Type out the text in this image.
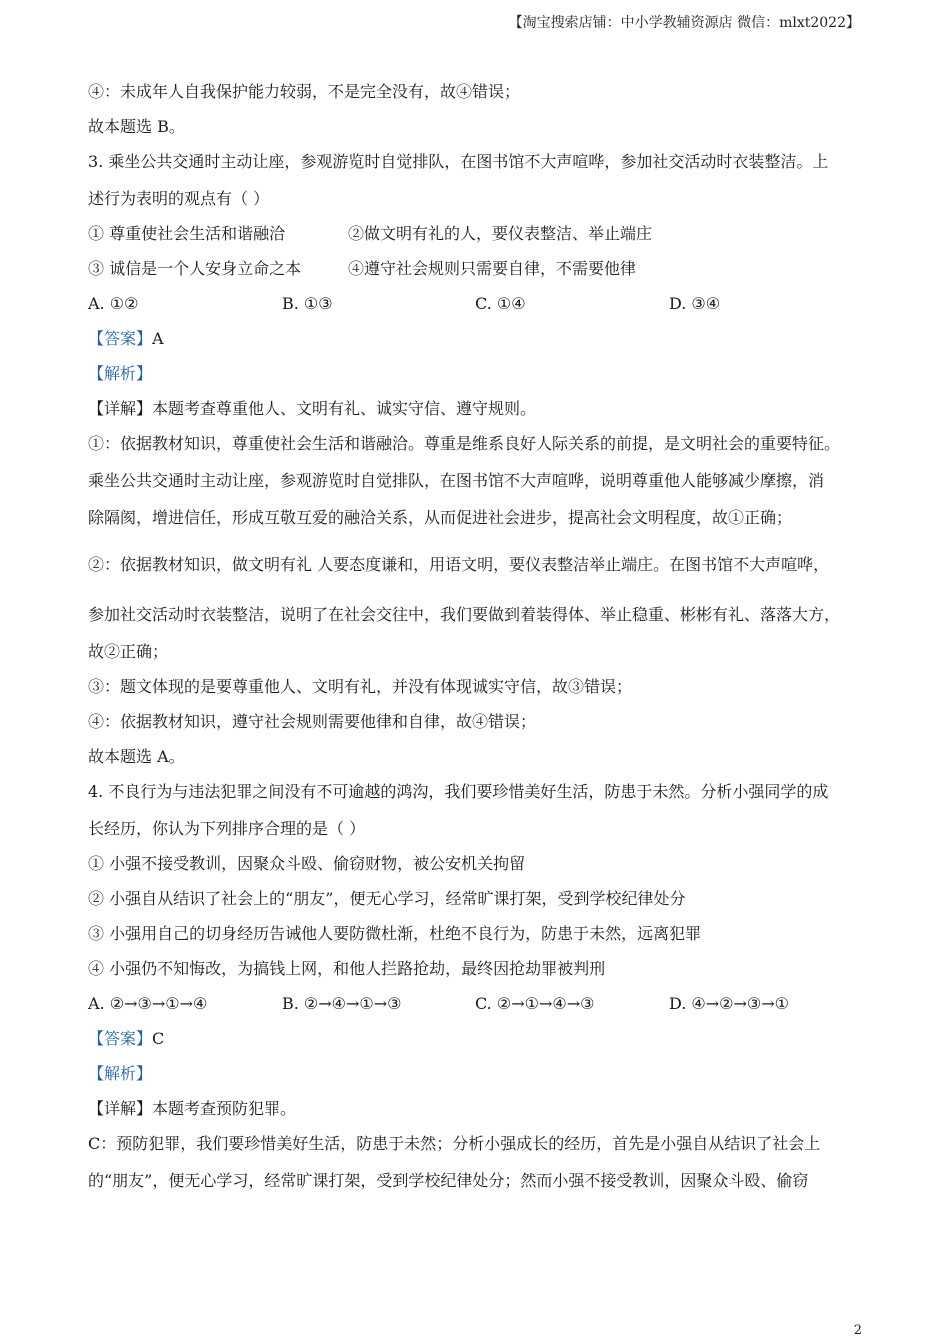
【淘宝搜索店铺：中小学教辅资源店 微信：mlxt2022】
④：未成年人自我保护能力较弱，不是完全没有，故④错误；
故本题选 B。
3. 乘坐公共交通时主动让座，参观游览时自觉排队，在图书馆不大声喧哗，参加社交活动时衣装整洁。上
述行为表明的观点有（ ）
① 尊重使社会生活和谐融洽	②做文明有礼的人，要仪表整洁、举止端庄
③ 诚信是一个人安身立命之本	④遵守社会规则只需要自律，不需要他律
A. ①②	B. ①③	C. ①④	D. ③④
【答案】A
【解析】
【详解】本题考查尊重他人、文明有礼、诚实守信、遵守规则。
①：依据教材知识，尊重使社会生活和谐融洽。尊重是维系良好人际关系的前提，是文明社会的重要特征。
乘坐公共交通时主动让座，参观游览时自觉排队，在图书馆不大声喧哗，说明尊重他人能够减少摩擦，消
除隔阂，增进信任，形成互敬互爱的融洽关系，从而促进社会进步，提高社会文明程度，故①正确；
②：依据教材知识，做文明有礼 人要态度谦和，用语文明，要仪表整洁举止端庄。在图书馆不大声喧哗，
参加社交活动时衣装整洁，说明了在社会交往中，我们要做到着装得体、举止稳重、彬彬有礼、落落大方，
故②正确；
③：题文体现的是要尊重他人、文明有礼，并没有体现诚实守信，故③错误；
④：依据教材知识，遵守社会规则需要他律和自律，故④错误；
故本题选 A。
4. 不良行为与违法犯罪之间没有不可逾越的鸿沟，我们要珍惜美好生活，防患于未然。分析小强同学的成
长经历，你认为下列排序合理的是（ ）
① 小强不接受教训，因聚众斗殴、偷窃财物，被公安机关拘留
② 小强自从结识了社会上的“朋友”，便无心学习，经常旷课打架，受到学校纪律处分
③ 小强用自己的切身经历告诫他人要防微杜渐，杜绝不良行为，防患于未然，远离犯罪
④ 小强仍不知悔改，为搞钱上网，和他人拦路抢劫，最终因抢劫罪被判刑
A. ②→③→①→④	B. ②→④→①→③	C. ②→①→④→③	D. ④→②→③→①
【答案】C
【解析】
【详解】本题考查预防犯罪。
C：预防犯罪，我们要珍惜美好生活，防患于未然；分析小强成长的经历，首先是小强自从结识了社会上
的“朋友”，便无心学习，经常旷课打架，受到学校纪律处分；然而小强不接受教训，因聚众斗殴、偷窃
2
